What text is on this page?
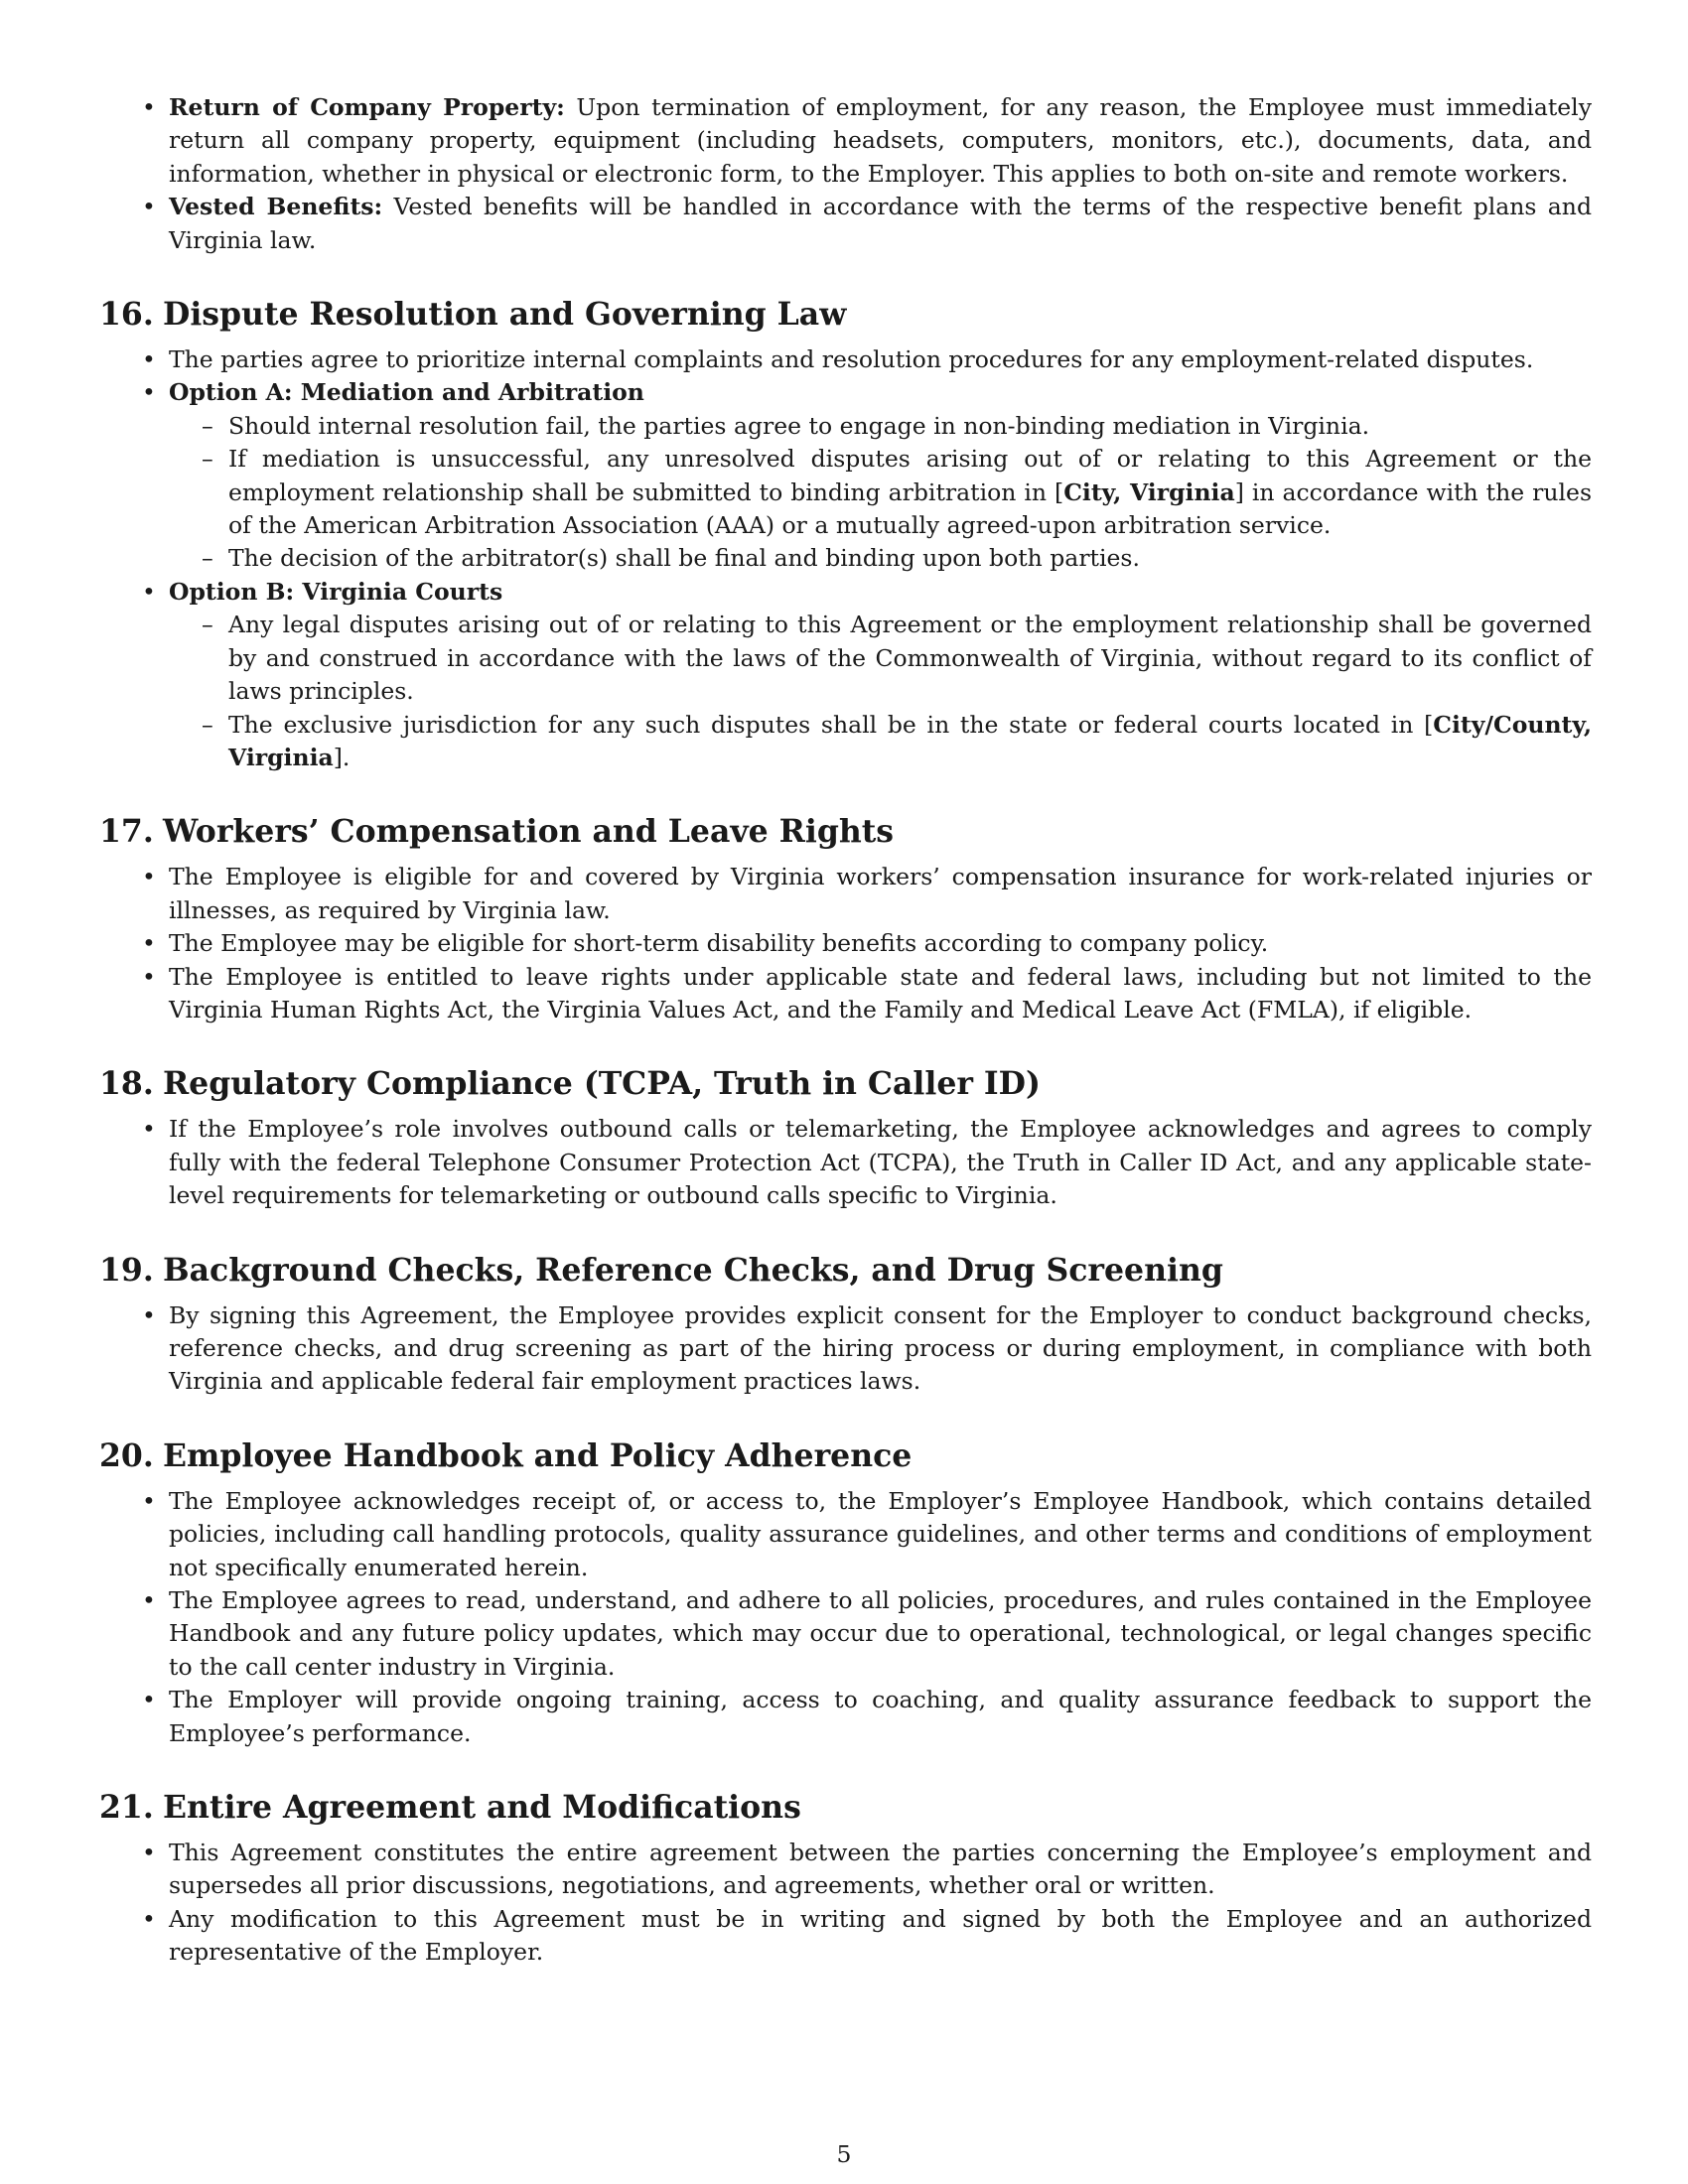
• Return of Company Property: Upon termination of employment, for any reason, the Employee must immediately return all company property, equipment (including headsets, computers, monitors, etc.), documents, data, and information, whether in physical or electronic form, to the Employer. This applies to both on-site and remote workers.
• Vested Benefits: Vested benefits will be handled in accordance with the terms of the respective benefit plans and Virginia law.
16. Dispute Resolution and Governing Law
• The parties agree to prioritize internal complaints and resolution procedures for any employment-related disputes.
• Option A: Mediation and Arbitration
– Should internal resolution fail, the parties agree to engage in non-binding mediation in Virginia.
– If mediation is unsuccessful, any unresolved disputes arising out of or relating to this Agreement or the employment relationship shall be submitted to binding arbitration in [City, Virginia] in accordance with the rules of the American Arbitration Association (AAA) or a mutually agreed-upon arbitration service.
– The decision of the arbitrator(s) shall be final and binding upon both parties.
• Option B: Virginia Courts
– Any legal disputes arising out of or relating to this Agreement or the employment relationship shall be governed by and construed in accordance with the laws of the Commonwealth of Virginia, without regard to its conflict of laws principles.
– The exclusive jurisdiction for any such disputes shall be in the state or federal courts located in [City/County, Virginia].
17. Workers’ Compensation and Leave Rights
• The Employee is eligible for and covered by Virginia workers’ compensation insurance for work-related injuries or illnesses, as required by Virginia law.
• The Employee may be eligible for short-term disability benefits according to company policy.
• The Employee is entitled to leave rights under applicable state and federal laws, including but not limited to the Virginia Human Rights Act, the Virginia Values Act, and the Family and Medical Leave Act (FMLA), if eligible.
18. Regulatory Compliance (TCPA, Truth in Caller ID)
• If the Employee’s role involves outbound calls or telemarketing, the Employee acknowledges and agrees to comply fully with the federal Telephone Consumer Protection Act (TCPA), the Truth in Caller ID Act, and any applicable state-level requirements for telemarketing or outbound calls specific to Virginia.
19. Background Checks, Reference Checks, and Drug Screening
• By signing this Agreement, the Employee provides explicit consent for the Employer to conduct background checks, reference checks, and drug screening as part of the hiring process or during employment, in compliance with both Virginia and applicable federal fair employment practices laws.
20. Employee Handbook and Policy Adherence
• The Employee acknowledges receipt of, or access to, the Employer’s Employee Handbook, which contains detailed policies, including call handling protocols, quality assurance guidelines, and other terms and conditions of employment not specifically enumerated herein.
• The Employee agrees to read, understand, and adhere to all policies, procedures, and rules contained in the Employee Handbook and any future policy updates, which may occur due to operational, technological, or legal changes specific to the call center industry in Virginia.
• The Employer will provide ongoing training, access to coaching, and quality assurance feedback to support the Employee’s performance.
21. Entire Agreement and Modifications
• This Agreement constitutes the entire agreement between the parties concerning the Employee’s employment and supersedes all prior discussions, negotiations, and agreements, whether oral or written.
• Any modification to this Agreement must be in writing and signed by both the Employee and an authorized representative of the Employer.
5
